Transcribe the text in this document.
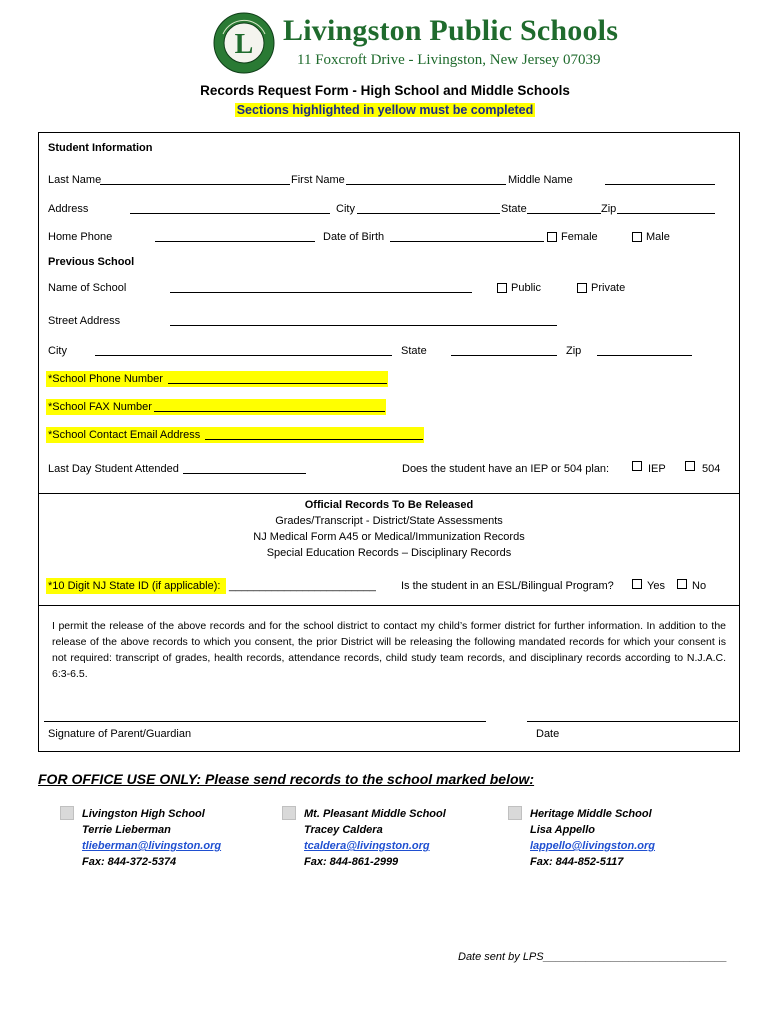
L Livingston Public Schools
11 Foxcroft Drive - Livingston, New Jersey 07039
Records Request Form - High School and Middle Schools
Sections highlighted in yellow must be completed
Student Information
Last Name	First Name	Middle Name
Address	City	State	Zip
Home Phone	Date of Birth	Female	Male
Previous School
Name of School	Public	Private
Street Address
City	State	Zip
*School Phone Number
*School FAX Number
*School Contact Email Address
Last Day Student Attended	Does the student have an IEP or 504 plan:	IEP	504
Official Records To Be Released
Grades/Transcript - District/State Assessments
NJ Medical Form A45 or Medical/Immunization Records
Special Education Records – Disciplinary Records
*10 Digit NJ State ID (if applicable): ________________________ Is the student in an ESL/Bilingual Program?	Yes No
I permit the release of the above records and for the school district to contact my child’s former district for further information. In addition to the release of the above records to which you consent, the prior District will be releasing the following mandated records for which your consent is not required: transcript of grades, health records, attendance records, child study team records, and disciplinary records according to N.J.A.C. 6:3-6.5.
Signature of Parent/Guardian	Date
FOR OFFICE USE ONLY: Please send records to the school marked below:
Livingston High School
Terrie Lieberman
tlieberman@livingston.org
Fax: 844-372-5374
Mt. Pleasant Middle School
Tracey Caldera
tcaldera@livingston.org
Fax: 844-861-2999
Heritage Middle School
Lisa Appello
lappello@livingston.org
Fax: 844-852-5117
Date sent by LPS______________________________
